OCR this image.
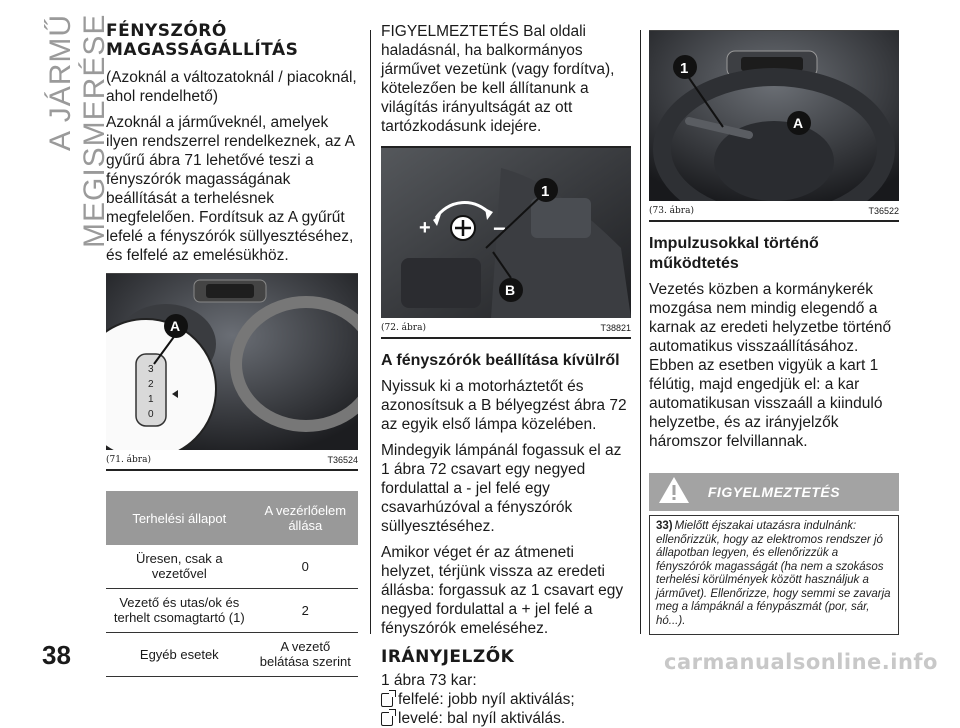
A JÁRMŰ MEGISMERÉSE
FÉNYSZÓRÓ MAGASSÁGÁLLÍTÁS

(Azoknál a változatoknál / piacoknál, ahol rendelhető)

Azoknál a járműveknél, amelyek ilyen rendszerrel rendelkeznek, az A gyűrű ábra 71 lehetővé teszi a fényszórók magasságának beállítását a terhelésnek megfelelően. Fordítsuk az A gyűrűt lefelé a fényszórók süllyesztéséhez, és felfelé az emelésükhöz.

3
2
1
0
A
(71. ábra)	T36524
Terhelési állapot	A vezérlőelem állása
Üresen, csak a vezetővel	0
Vezető és utas/ok és terhelt csomagtartó (1)	2
Egyéb esetek	A vezető belátása szerint

FIGYELMEZTETÉS Bal oldali haladásnál, ha balkormányos járművet vezetünk (vagy fordítva), kötelezően be kell állítanunk a világítás irányultságát az ott tartózkodásunk idejére.

+	−
1
B
(72. ábra)	T38821
A fényszórók beállítása kívülről

Nyissuk ki a motorháztetőt és azonosítsuk a B bélyegzést ábra 72 az egyik első lámpa közelében.

Mindegyik lámpánál fogassuk el az 1 ábra 72 csavart egy negyed fordulattal a - jel felé egy csavarhúzóval a fényszórók süllyesztéséhez.

Amikor véget ér az átmeneti helyzet, térjünk vissza az eredeti állásba: forgassuk az 1 csavart egy negyed fordulattal a + jel felé a fényszórók emeléséhez.

IRÁNYJELZŐK
1 ábra 73 kar:
felfelé: jobb nyíl aktiválás;
levelé: bal nyíl aktiválás.
1
A
(73. ábra)	T36522
Impulzusokkal történő működtetés

Vezetés közben a kormánykerék mozgása nem mindig elegendő a karnak az eredeti helyzetbe történő automatikus visszaállításához. Ebben az esetben vigyük a kart 1 félútig, majd engedjük el: a kar automatikusan visszaáll a kiinduló helyzetbe, és az irányjelzők háromszor felvillannak.

FIGYELMEZTETÉS
33) Mielőtt éjszakai utazásra indulnánk: ellenőrizzük, hogy az elektromos rendszer jó állapotban legyen, és ellenőrizzük a fényszórók magasságát (ha nem a szokásos terhelési körülmények között használjuk a járművet). Ellenőrizze, hogy semmi se zavarja meg a lámpáknál a fénypászmát (por, sár, hó...).
38	carmanualsonline.info
